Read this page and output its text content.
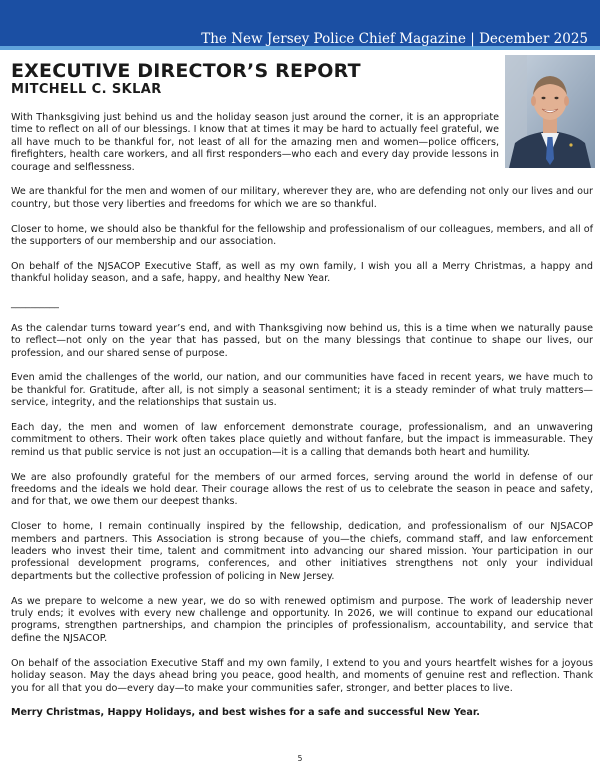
The New Jersey Police Chief Magazine | December 2025
EXECUTIVE DIRECTOR’S REPORT
MITCHELL C. SKLAR

With Thanksgiving just behind us and the holiday season just around the corner, it is an appropriate time to reflect on all of our blessings. I know that at times it may be hard to actually feel grateful, we all have much to be thankful for, not least of all for the amazing men and women—police officers, firefighters, health care workers, and all first responders—who each and every day provide lessons in courage and selflessness.

We are thankful for the men and women of our military, wherever they are, who are defending not only our lives and our country, but those very liberties and freedoms for which we are so thankful.

Closer to home, we should also be thankful for the fellowship and professionalism of our colleagues, members, and all of the supporters of our membership and our association.

On behalf of the NJSACOP Executive Staff, as well as my own family, I wish you all a Merry Christmas, a happy and thankful holiday season, and a safe, happy, and healthy New Year.

__________

As the calendar turns toward year’s end, and with Thanksgiving now behind us, this is a time when we naturally pause to reflect—not only on the year that has passed, but on the many blessings that continue to shape our lives, our profession, and our shared sense of purpose.

Even amid the challenges of the world, our nation, and our communities have faced in recent years, we have much to be thankful for. Gratitude, after all, is not simply a seasonal sentiment; it is a steady reminder of what truly matters—service, integrity, and the relationships that sustain us.

Each day, the men and women of law enforcement demonstrate courage, professionalism, and an unwavering commitment to others. Their work often takes place quietly and without fanfare, but the impact is immeasurable. They remind us that public service is not just an occupation—it is a calling that demands both heart and humility.

We are also profoundly grateful for the members of our armed forces, serving around the world in defense of our freedoms and the ideals we hold dear. Their courage allows the rest of us to celebrate the season in peace and safety, and for that, we owe them our deepest thanks.

Closer to home, I remain continually inspired by the fellowship, dedication, and professionalism of our NJSACOP members and partners. This Association is strong because of you—the chiefs, command staff, and law enforcement leaders who invest their time, talent and commitment into advancing our shared mission. Your participation in our professional development programs, conferences, and other initiatives strengthens not only your individual departments but the collective profession of policing in New Jersey.

As we prepare to welcome a new year, we do so with renewed optimism and purpose. The work of leadership never truly ends; it evolves with every new challenge and opportunity. In 2026, we will continue to expand our educational programs, strengthen partnerships, and champion the principles of professionalism, accountability, and service that define the NJSACOP.

On behalf of the association Executive Staff and my own family, I extend to you and yours heartfelt wishes for a joyous holiday season. May the days ahead bring you peace, good health, and moments of genuine rest and reflection. Thank you for all that you do—every day—to make your communities safer, stronger, and better places to live.

Merry Christmas, Happy Holidays, and best wishes for a safe and successful New Year.

5
